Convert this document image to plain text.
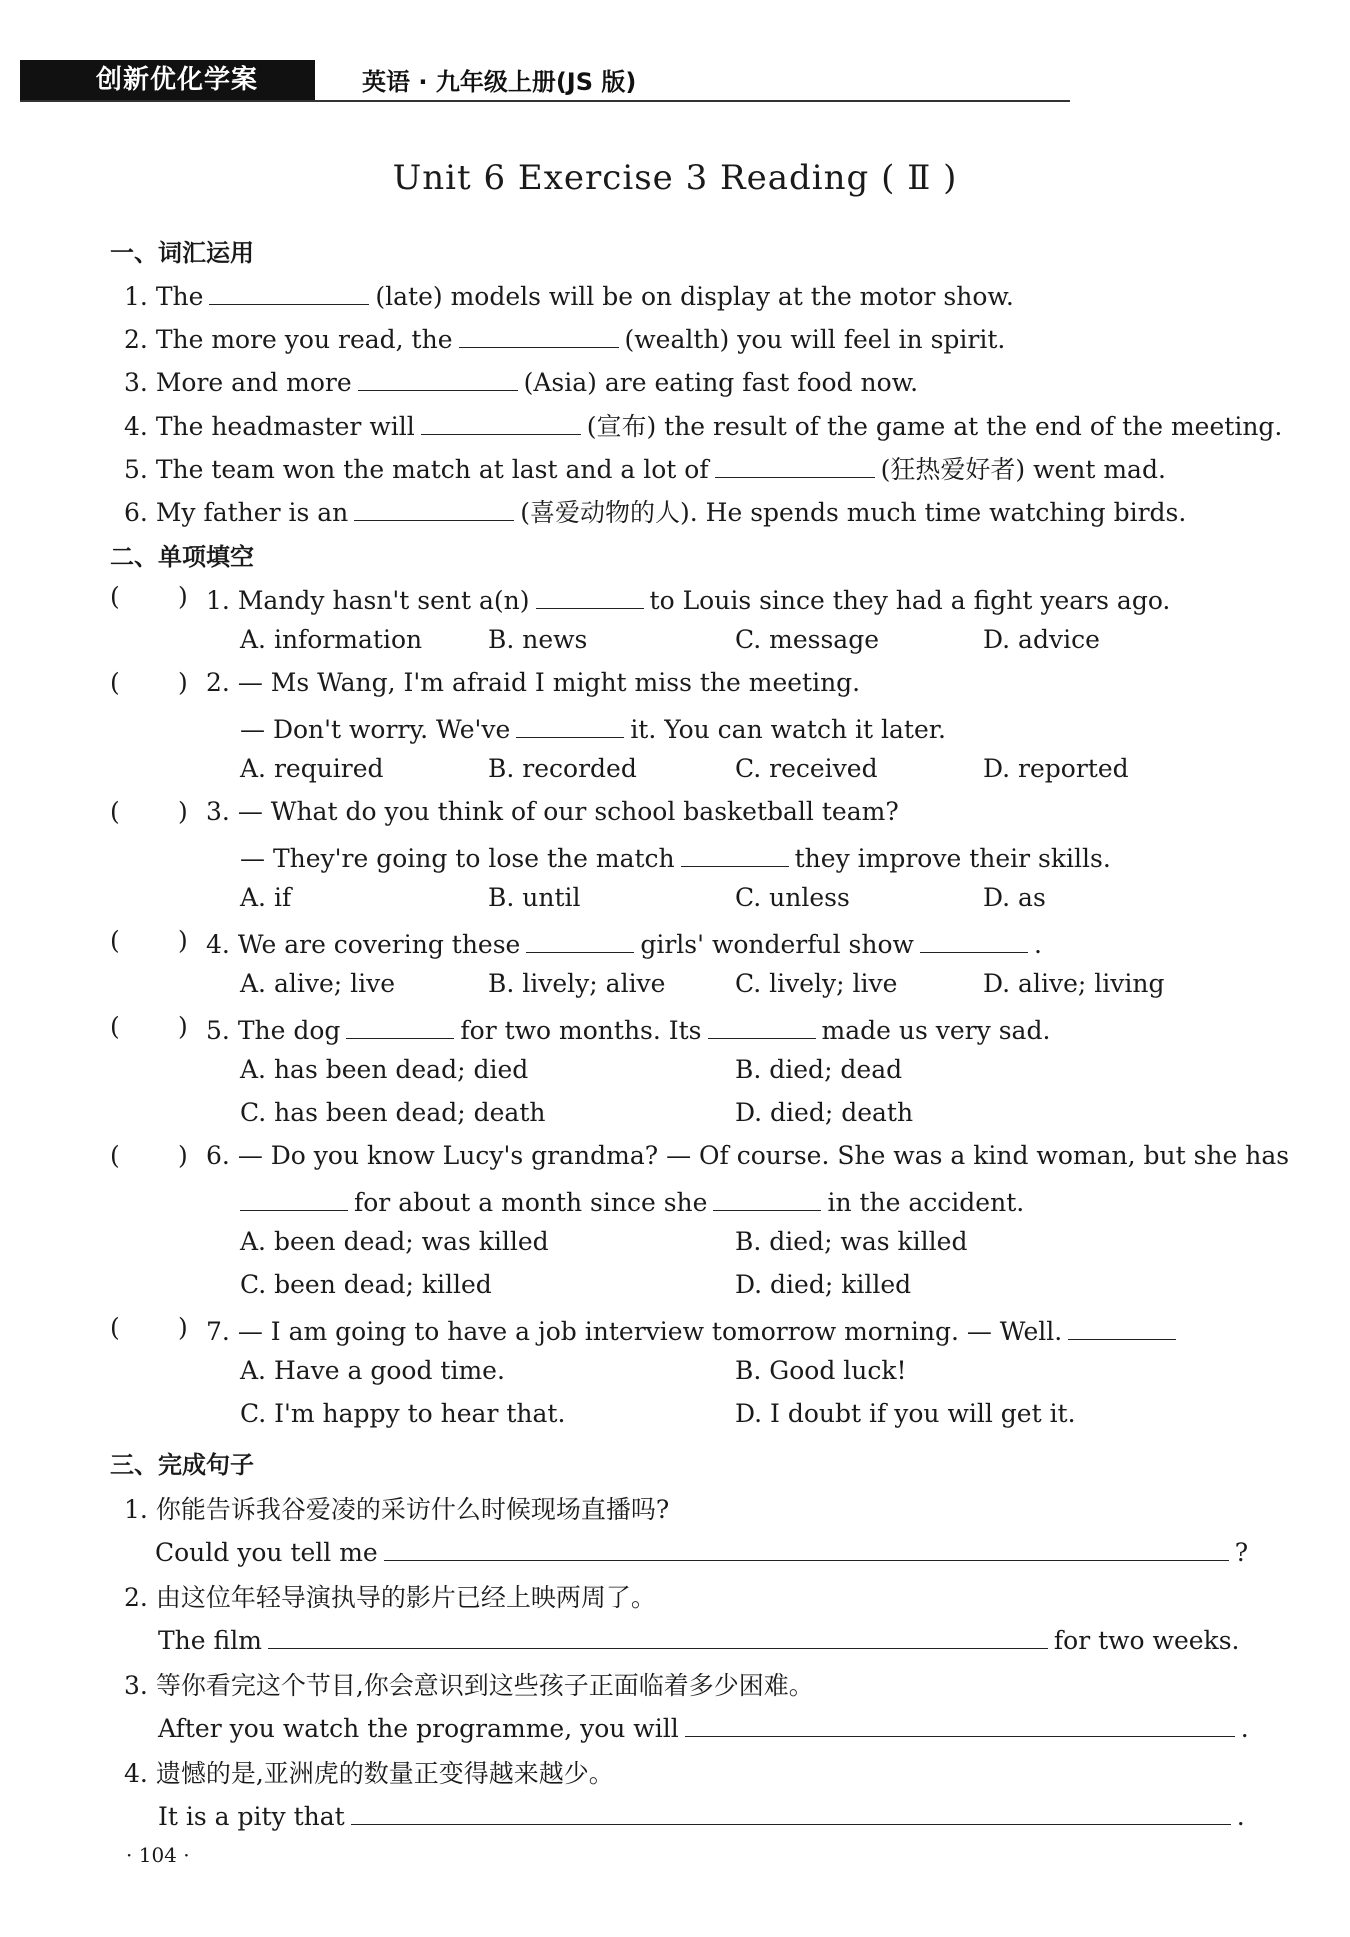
创新优化学案	英语 · 九年级上册(JS 版)
Unit 6 Exercise 3 Reading ( Ⅱ )
一、词汇运用
1. The	(late) models will be on display at the motor show.
2. The more you read, the	(wealth) you will feel in spirit.
3. More and more	(Asia) are eating fast food now.
4. The headmaster will	(宣布) the result of the game at the end of the meeting.
5. The team won the match at last and a lot of	(狂热爱好者) went mad.
6. My father is an	(喜爱动物的人). He spends much time watching birds.
二、单项填空
( ) 1. Mandy hasn't sent a(n)	to Louis since they had a fight years ago.
A. information	B. news	C. message	D. advice
( ) 2. — Ms Wang, I'm afraid I might miss the meeting.
— Don't worry. We've	it. You can watch it later.
A. required	B. recorded	C. received	D. reported
( ) 3. — What do you think of our school basketball team?
— They're going to lose the match	they improve their skills.
A. if	B. until	C. unless	D. as
( ) 4. We are covering these	girls' wonderful show	.
A. alive; live	B. lively; alive	C. lively; live	D. alive; living
( ) 5. The dog	for two months. Its	made us very sad.
A. has been dead; died	B. died; dead
C. has been dead; death	D. died; death
( ) 6. — Do you know Lucy's grandma? — Of course. She was a kind woman, but she has
for about a month since she	in the accident.
A. been dead; was killed	B. died; was killed
C. been dead; killed	D. died; killed
( ) 7. — I am going to have a job interview tomorrow morning. — Well.
A. Have a good time.	B. Good luck!
C. I'm happy to hear that.	D. I doubt if you will get it.
三、完成句子
1. 你能告诉我谷爱凌的采访什么时候现场直播吗?
Could you tell me	?
2. 由这位年轻导演执导的影片已经上映两周了。
The film	for two weeks.
3. 等你看完这个节目,你会意识到这些孩子正面临着多少困难。
After you watch the programme, you will	.
4. 遗憾的是,亚洲虎的数量正变得越来越少。
It is a pity that	.
· 104 ·
